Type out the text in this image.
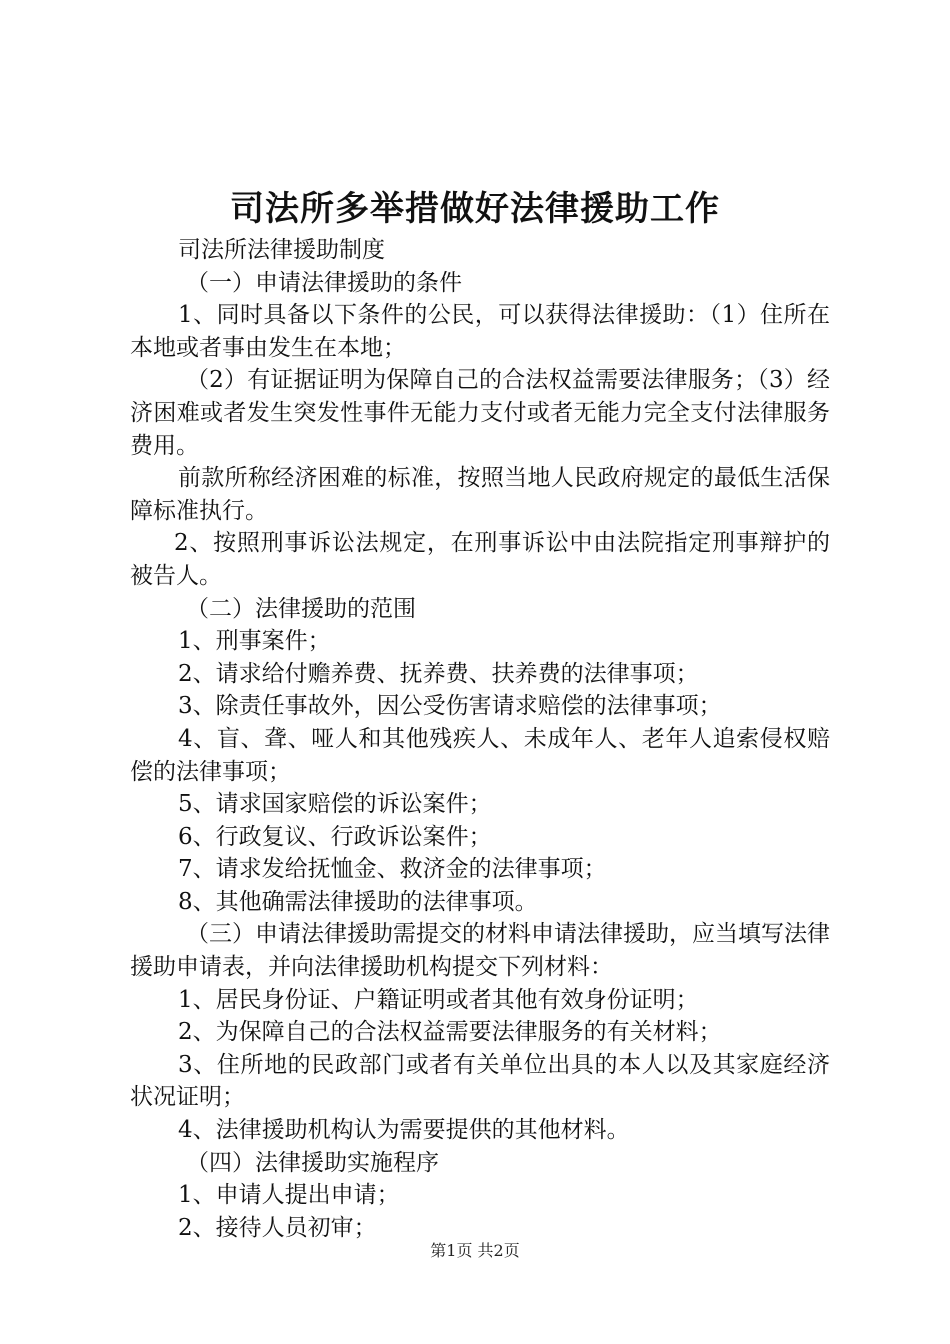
司法所多举措做好法律援助工作

司法所法律援助制度

（一）申请法律援助的条件

1、同时具备以下条件的公民，可以获得法律援助：（1）住所在本地或者事由发生在本地；

（2）有证据证明为保障自己的合法权益需要法律服务；（3）经济困难或者发生突发性事件无能力支付或者无能力完全支付法律服务费用。

前款所称经济困难的标准，按照当地人民政府规定的最低生活保障标准执行。

2、按照刑事诉讼法规定，在刑事诉讼中由法院指定刑事辩护的被告人。

（二）法律援助的范围

1、刑事案件；

2、请求给付赡养费、抚养费、扶养费的法律事项；

3、除责任事故外，因公受伤害请求赔偿的法律事项；

4、盲、聋、哑人和其他残疾人、未成年人、老年人追索侵权赔偿的法律事项；

5、请求国家赔偿的诉讼案件；

6、行政复议、行政诉讼案件；

7、请求发给抚恤金、救济金的法律事项；

8、其他确需法律援助的法律事项。

（三）申请法律援助需提交的材料申请法律援助，应当填写法律援助申请表，并向法律援助机构提交下列材料：

1、居民身份证、户籍证明或者其他有效身份证明；

2、为保障自己的合法权益需要法律服务的有关材料；

3、住所地的民政部门或者有关单位出具的本人以及其家庭经济状况证明；

4、法律援助机构认为需要提供的其他材料。

（四）法律援助实施程序

1、申请人提出申请；

2、接待人员初审；

第1页 共2页
